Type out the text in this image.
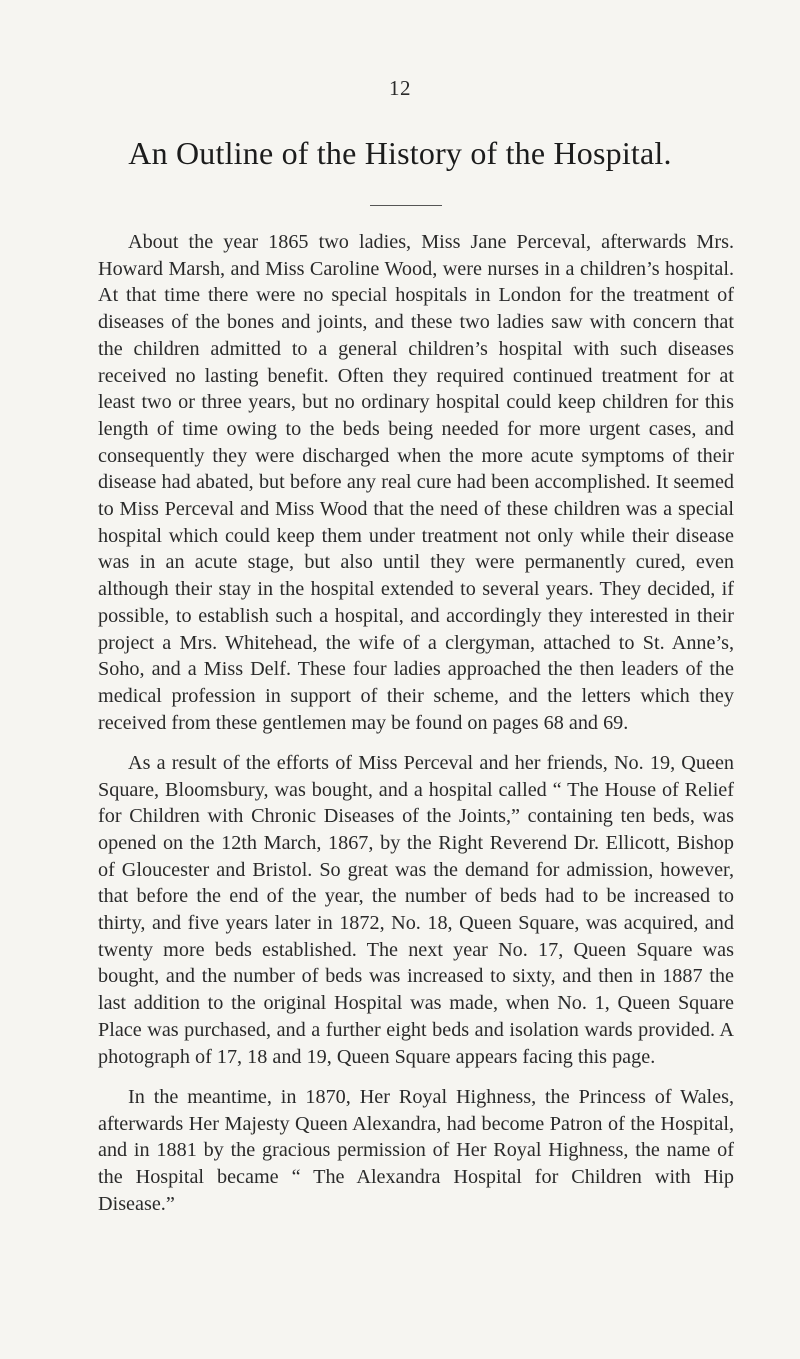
12
An Outline of the History of the Hospital.

About the year 1865 two ladies, Miss Jane Perceval, afterwards Mrs. Howard Marsh, and Miss Caroline Wood, were nurses in a children’s hospital. At that time there were no special hospitals in London for the treatment of diseases of the bones and joints, and these two ladies saw with concern that the children admitted to a general children’s hospital with such diseases received no lasting benefit. Often they required continued treatment for at least two or three years, but no ordinary hospital could keep children for this length of time owing to the beds being needed for more urgent cases, and consequently they were discharged when the more acute symptoms of their disease had abated, but before any real cure had been accomplished. It seemed to Miss Perceval and Miss Wood that the need of these children was a special hospital which could keep them under treatment not only while their disease was in an acute stage, but also until they were permanently cured, even although their stay in the hospital extended to several years. They decided, if possible, to establish such a hospital, and accordingly they interested in their project a Mrs. Whitehead, the wife of a clergyman, attached to St. Anne’s, Soho, and a Miss Delf. These four ladies approached the then leaders of the medical profession in support of their scheme, and the letters which they received from these gentlemen may be found on pages 68 and 69.

As a result of the efforts of Miss Perceval and her friends, No. 19, Queen Square, Bloomsbury, was bought, and a hospital called “ The House of Relief for Children with Chronic Diseases of the Joints,” containing ten beds, was opened on the 12th March, 1867, by the Right Reverend Dr. Ellicott, Bishop of Gloucester and Bristol. So great was the demand for admission, however, that before the end of the year, the number of beds had to be increased to thirty, and five years later in 1872, No. 18, Queen Square, was acquired, and twenty more beds established. The next year No. 17, Queen Square was bought, and the number of beds was increased to sixty, and then in 1887 the last addition to the original Hospital was made, when No. 1, Queen Square Place was purchased, and a further eight beds and isolation wards provided. A photograph of 17, 18 and 19, Queen Square appears facing this page.

In the meantime, in 1870, Her Royal Highness, the Princess of Wales, afterwards Her Majesty Queen Alexandra, had become Patron of the Hospital, and in 1881 by the gracious permission of Her Royal Highness, the name of the Hospital became “ The Alexandra Hospital for Children with Hip Disease.”
